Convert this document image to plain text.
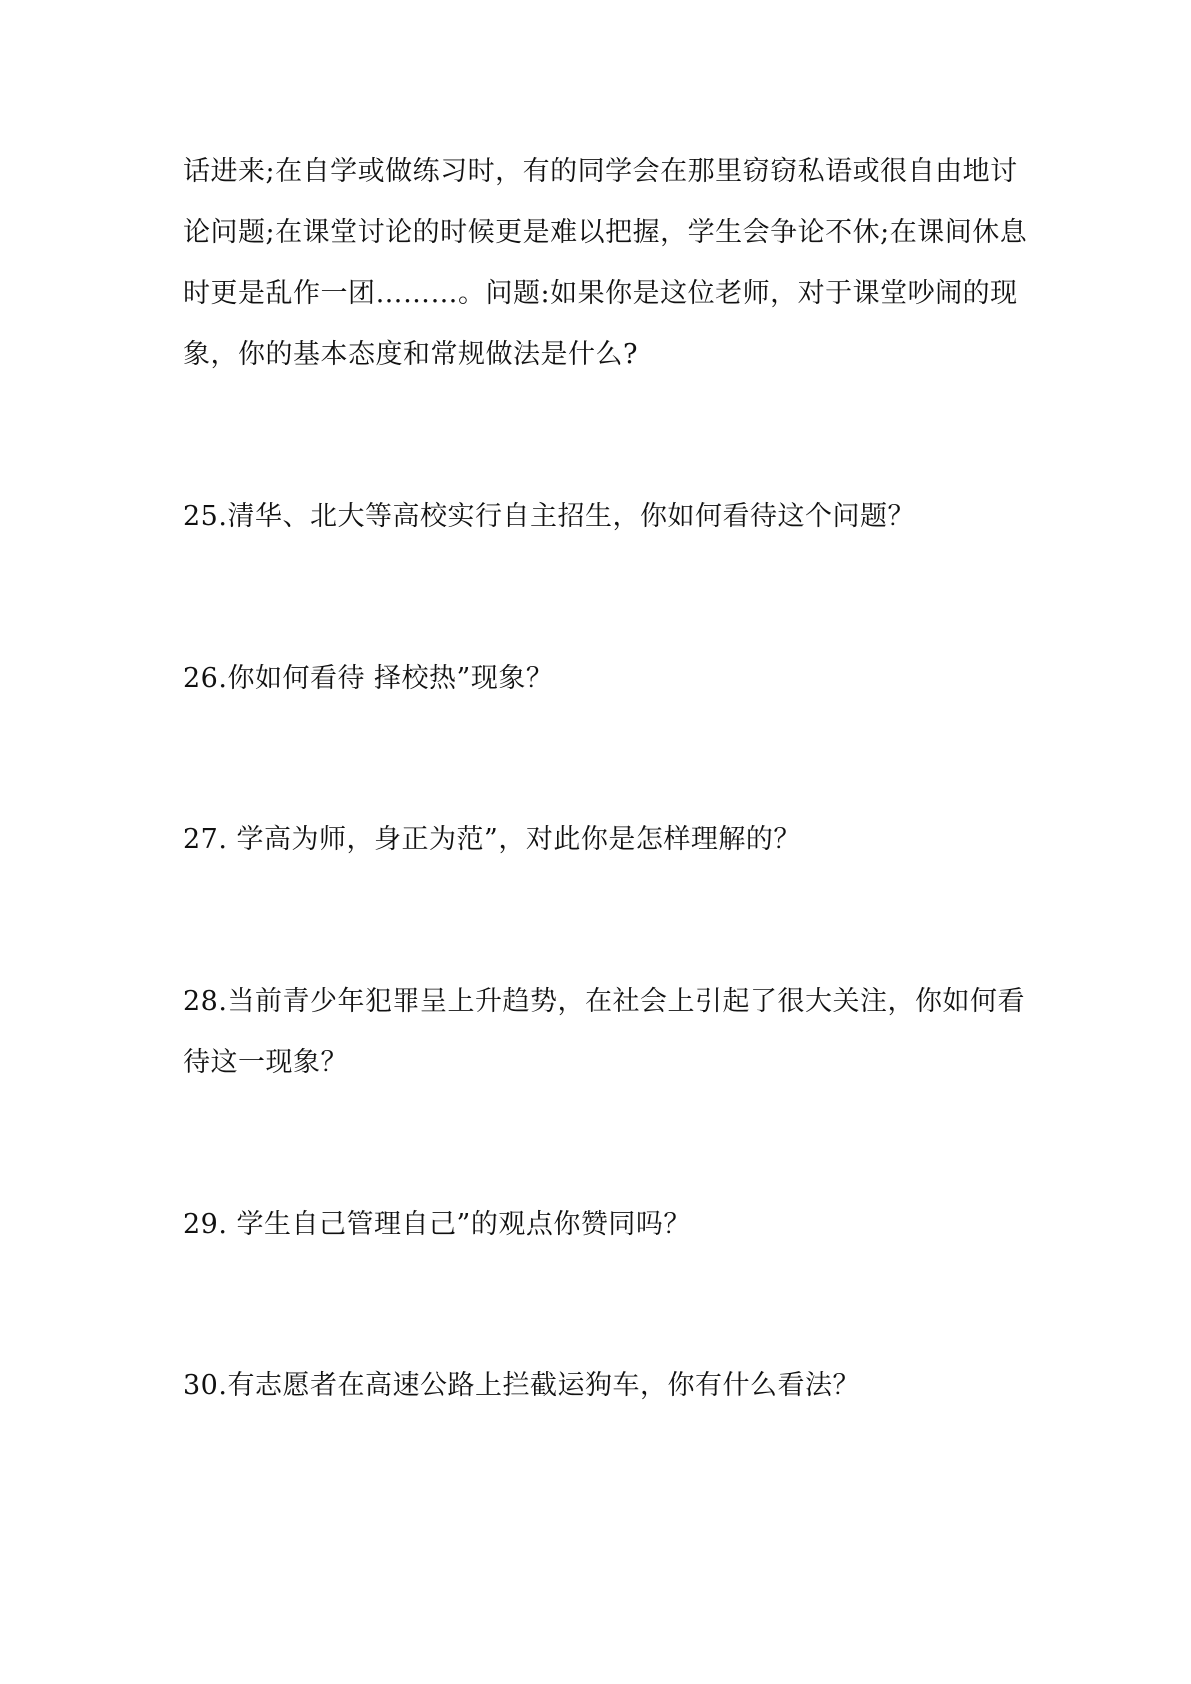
话进来;在自学或做练习时，有的同学会在那里窃窃私语或很自由地讨
论问题;在课堂讨论的时候更是难以把握，学生会争论不休;在课间休息
时更是乱作一团………。问题:如果你是这位老师，对于课堂吵闹的现
象，你的基本态度和常规做法是什么?
25.清华、北大等高校实行自主招生，你如何看待这个问题？
26.你如何看待 择校热”现象？
27. 学高为师，身正为范”，对此你是怎样理解的？
28.当前青少年犯罪呈上升趋势，在社会上引起了很大关注，你如何看
待这一现象？
29. 学生自己管理自己”的观点你赞同吗？
30.有志愿者在高速公路上拦截运狗车，你有什么看法？
